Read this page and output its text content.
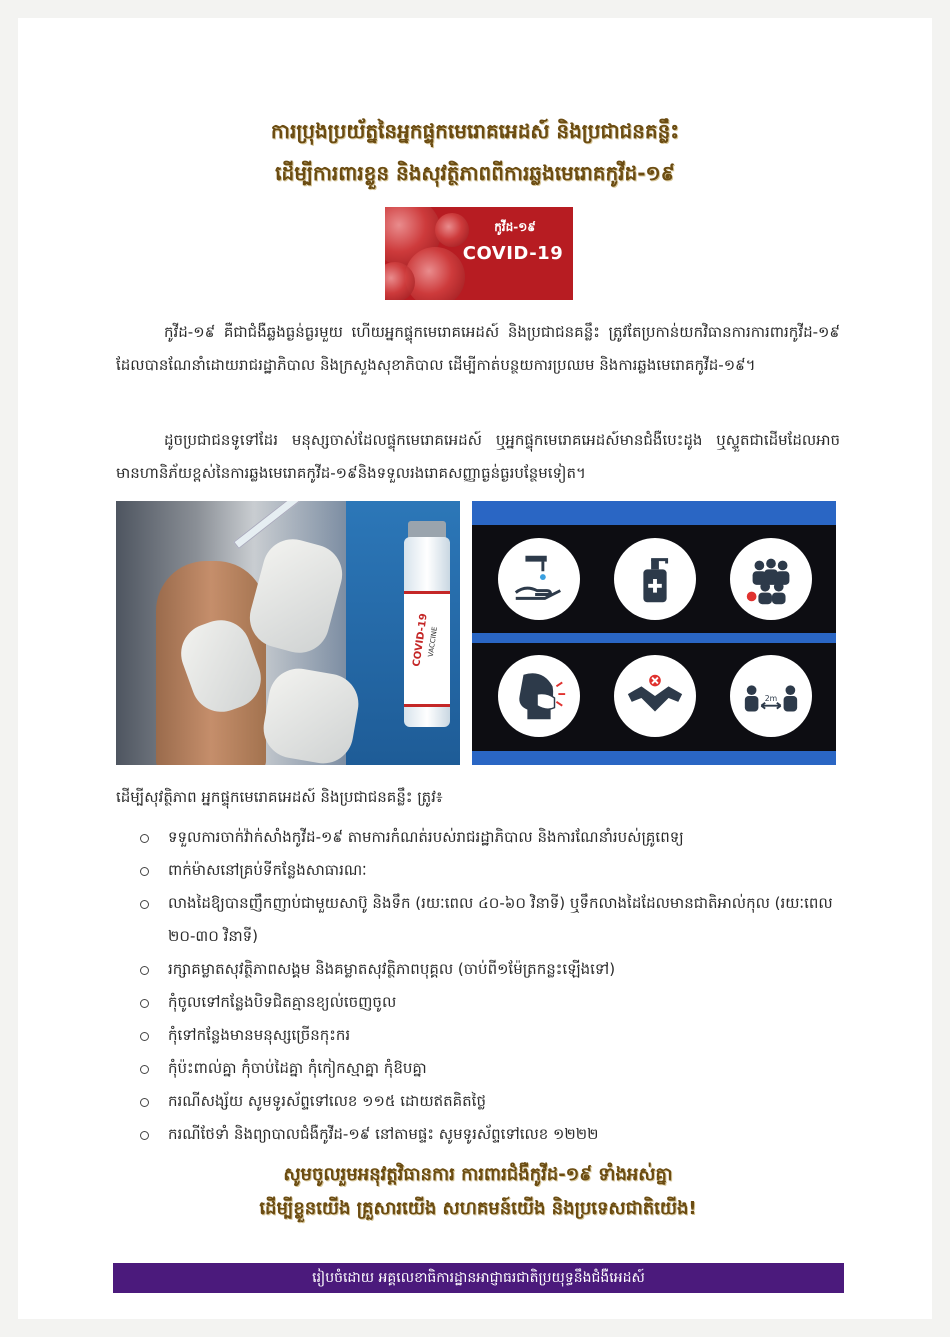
ការប្រុងប្រយ័ត្ននៃអ្នកផ្ទុកមេរោគអេដស៍ និងប្រជាជនគន្លឹះ
ដើម្បីការពារខ្លួន និងសុវត្ថិភាពពីការឆ្លងមេរោគកូវីដ-១៩
កូវីដ-១៩
COVID-19

កូវីដ-១៩ គឺជាជំងឺឆ្លងធ្ងន់ធ្ងរមួយ ហើយអ្នកផ្ទុកមេរោគអេដស៍ និងប្រជាជនគន្លឹះ ត្រូវតែប្រកាន់យកវិធានការការពារកូវីដ-១៩ ដែលបានណែនាំដោយរាជរដ្ឋាភិបាល និងក្រសួងសុខាភិបាល ដើម្បីកាត់បន្ថយការប្រឈម និងការឆ្លងមេរោគកូវីដ-១៩។

ដូចប្រជាជនទូទៅដែរ មនុស្សចាស់ដែលផ្ទុកមេរោគអេដស៍ ឬអ្នកផ្ទុកមេរោគអេដស៍មានជំងឺបេះដូង ឬស្ទួតជាដើមដែលអាចមានហានិភ័យខ្ពស់នៃការឆ្លងមេរោគកូវីដ-១៩និងទទួលរងរោគសញ្ញាធ្ងន់ធ្ងរបន្ថែមទៀត។

COVID-19
VACCINE
2m
ដើម្បីសុវត្ថិភាព អ្នកផ្ទុកមេរោគអេដស៍ និងប្រជាជនគន្លឹះ ត្រូវ៖
ទទួលការចាក់វ៉ាក់សាំងកូវីដ-១៩ តាមការកំណត់របស់រាជរដ្ឋាភិបាល និងការណែនាំរបស់គ្រូពេទ្យ
ពាក់ម៉ាសនៅគ្រប់ទីកន្លែងសាធារណៈ
លាងដៃឱ្យបានញឹកញាប់ជាមួយសាប៊ូ និងទឹក (រយៈពេល ៤០-៦០ វិនាទី) ឬទឹកលាងដៃដែលមានជាតិអាល់កុល (រយៈពេល ២០-៣០ វិនាទី)
រក្សាគម្លាតសុវត្ថិភាពសង្គម និងគម្លាតសុវត្ថិភាពបុគ្គល (ចាប់ពី១ម៉ែត្រកន្លះឡើងទៅ)
កុំចូលទៅកន្លែងបិទជិតគ្មានខ្យល់ចេញចូល
កុំទៅកន្លែងមានមនុស្សច្រើនកុះករ
កុំប៉ះពាល់គ្នា កុំចាប់ដៃគ្នា កុំកៀកស្មាគ្នា កុំឱបគ្នា
ករណីសង្ស័យ សូមទូរស័ព្ទទៅលេខ ១១៥ ដោយឥតគិតថ្លៃ
ករណីថែទាំ និងព្យាបាលជំងឺកូវីដ-១៩ នៅតាមផ្ទះ សូមទូរស័ព្ទទៅលេខ ១២២២
សូមចូលរួមអនុវត្តវិធានការ ការពារជំងឺកូវីដ-១៩ ទាំងអស់គ្នា
ដើម្បីខ្លួនយើង គ្រួសារយើង សហគមន៍យើង និងប្រទេសជាតិយើង!
រៀបចំដោយ អគ្គលេខាធិការដ្ឋានអាជ្ញាធរជាតិប្រយុទ្ធនឹងជំងឺអេដស៍
